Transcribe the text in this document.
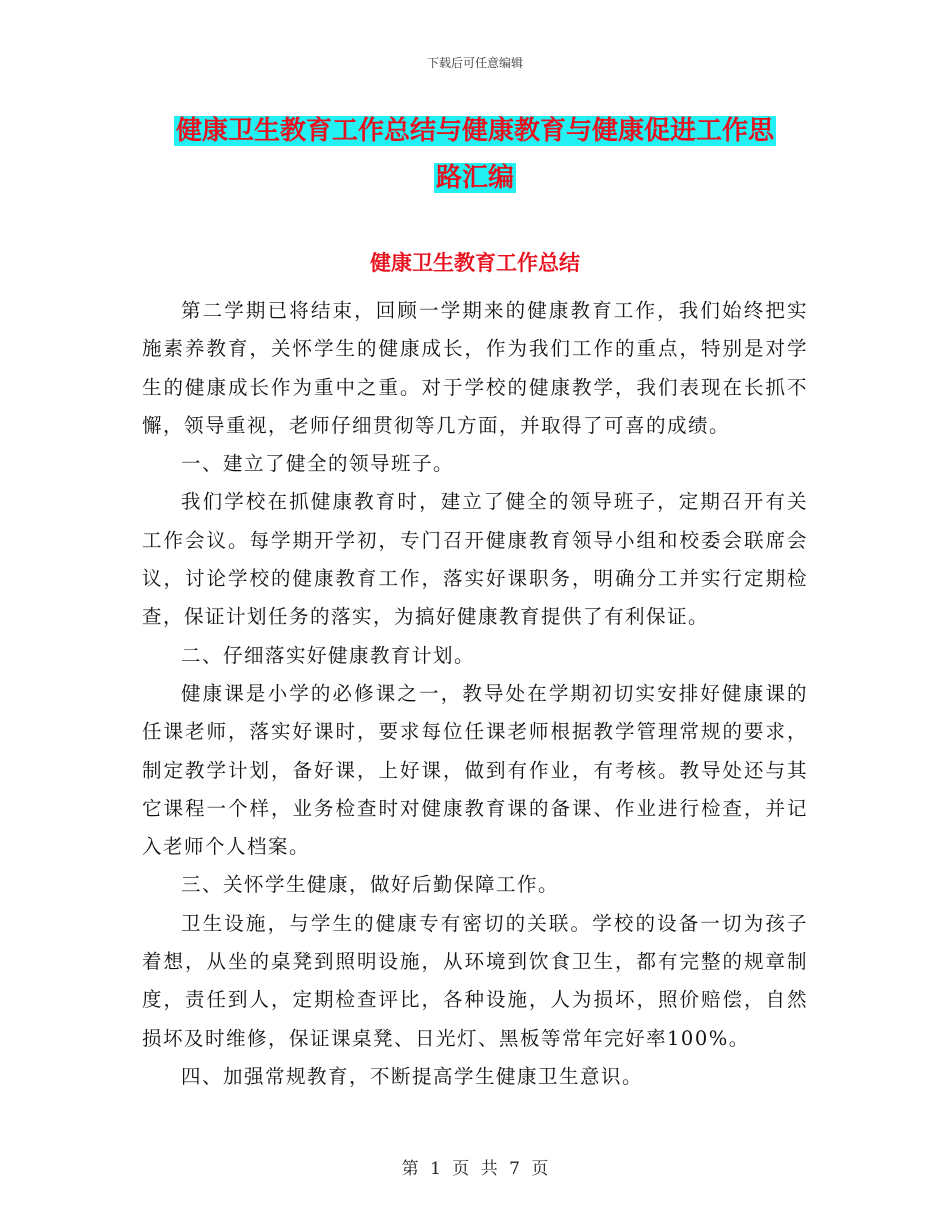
下载后可任意编辑
健康卫生教育工作总结与健康教育与健康促进工作思
路汇编
健康卫生教育工作总结

第二学期已将结束，回顾一学期来的健康教育工作，我们始终把实施素养教育，关怀学生的健康成长，作为我们工作的重点，特别是对学生的健康成长作为重中之重。对于学校的健康教学，我们表现在长抓不懈，领导重视，老师仔细贯彻等几方面，并取得了可喜的成绩。

一、建立了健全的领导班子。

我们学校在抓健康教育时，建立了健全的领导班子，定期召开有关工作会议。每学期开学初，专门召开健康教育领导小组和校委会联席会议，讨论学校的健康教育工作，落实好课职务，明确分工并实行定期检查，保证计划任务的落实，为搞好健康教育提供了有利保证。

二、仔细落实好健康教育计划。

健康课是小学的必修课之一，教导处在学期初切实安排好健康课的任课老师，落实好课时，要求每位任课老师根据教学管理常规的要求，制定教学计划，备好课，上好课，做到有作业，有考核。教导处还与其它课程一个样，业务检查时对健康教育课的备课、作业进行检查，并记入老师个人档案。

三、关怀学生健康，做好后勤保障工作。

卫生设施，与学生的健康专有密切的关联。学校的设备一切为孩子着想，从坐的桌凳到照明设施，从环境到饮食卫生，都有完整的规章制度，责任到人，定期检查评比，各种设施，人为损坏，照价赔偿，自然损坏及时维修，保证课桌凳、日光灯、黑板等常年完好率100%。

四、加强常规教育，不断提高学生健康卫生意识。

第 1 页 共 7 页
